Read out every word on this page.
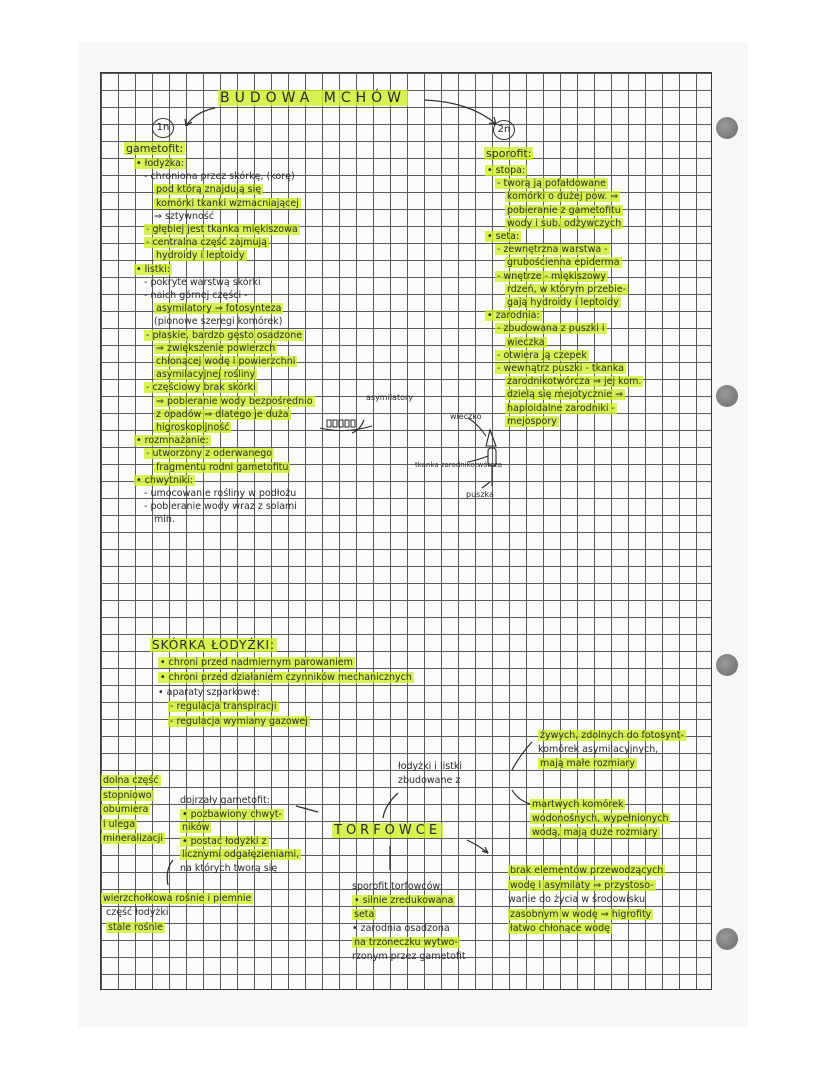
BUDOWA MCHÓW
1n
gametofit:
• łodyżka:
- chroniona przez skórkę, (korę)
pod którą znajdują się
komórki tkanki wzmacniającej
⇒ sztywność
- głębiej jest tkanka miękiszowa
- centralna część zajmują
hydroidy i leptoidy
• listki:
- pokryte warstwą skórki
- naich górnej części -
asymilatory ⇒ fotosynteza
(pionowe szeregi komórek)
- płaskie, bardzo gęsto osadzone
⇒ zwiększenie powierzch
chłonącej wodę i powierzchni
asymilacyjnej rośliny
- częściowy brak skórki
⇒ pobieranie wody bezpośrednio
z opadów ⇒ dlatego je duża
higroskopijność
• rozmnażanie:
- utworzony z oderwanego
fragmentu rodni gametofitu
• chwytniki:
- umocowanie rośliny w podłożu
- pobieranie wody wraz z solami
min.
2n
sporofit:
• stopa:
- tworą ją pofałdowane
komórki o dużej pow. ⇒
pobieranie z gametofitu
wody i sub. odżywczych
• seta:
- zewnętrzna warstwa -
grubościenna epiderma
- wnętrze - miękiszowy
rdzeń, w którym przebie-
gają hydroidy i leptoidy
• zarodnia:
- zbudowana z puszki i
wieczka
- otwiera ją czepek
- wewnątrz puszki - tkanka
zarodnikotwórcza ⇒ jej kom.
dzielą się mejotycznie ⇒
haploidalne zarodniki -
mejospory
asymilatory
wieczko
tkanka zarodnikotwórcza
puszka
SKÓRKA ŁODYŻKI:
• chroni przed nadmiernym parowaniem
• chroni przed działaniem czynników mechanicznych
• aparaty szparkowe:
- regulacja transpiracji
- regulacja wymiany gazowej
TORFOWCE
dolna część
stopniowo
obumiera
i ulega
mineralizacji
dojrzały gametofit:
• pozbawiony chwyt-
ników
• postać łodyżki z
licznymi odgałęzieniami,
na których tworą się
część łodyżki
stale rośnie
łodyżki i listki
zbudowane z
sporofit torfowców:
• silnie zredukowana
seta
• zarodnia osadzona
na trzoneczku wytwo-
rzonym przez gametofit
żywych, zdolnych do fotosynt-
komórek asymilacyjnych,
mają małe rozmiary
martwych komórek
wodonośnych, wypełnionych
wodą, mają duże rozmiary
brak elementów przewodzących
wodę i asymilaty ⇒ przystoso-
wanie do życia w środowisku
zasobnym w wodę ⇒ higrofity
łatwo chłonące wodę
wierzchołkowa rośnie i plemnie
